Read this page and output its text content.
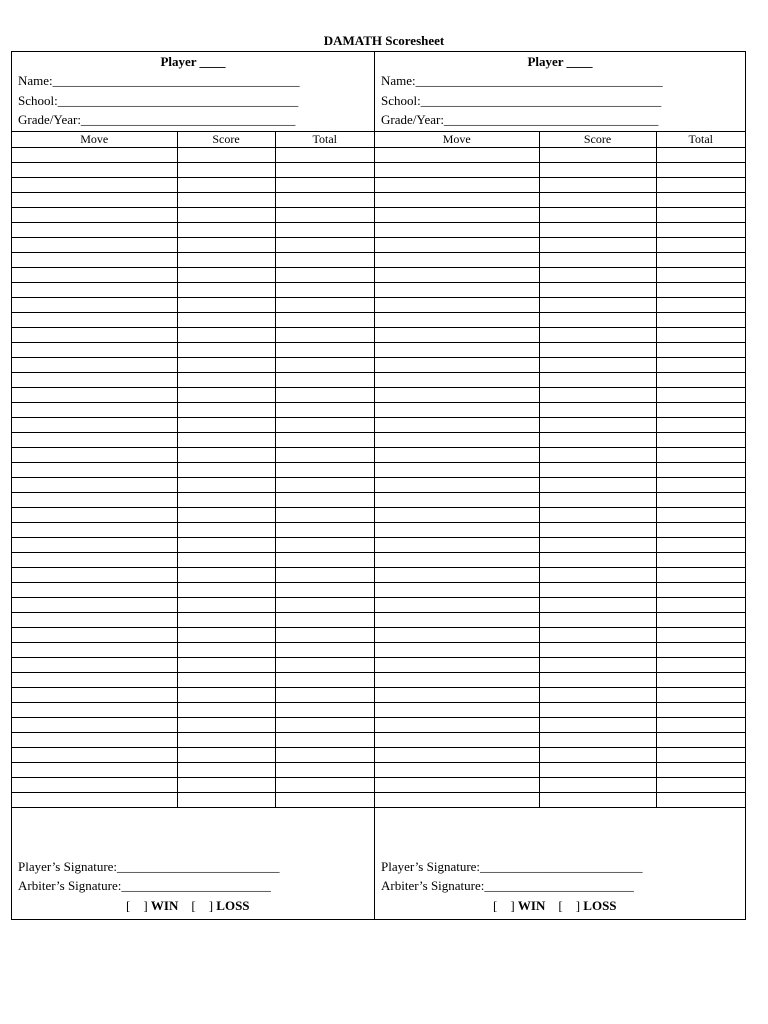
DAMATH Scoresheet
Player ____
Name:______________________________________
School:_____________________________________
Grade/Year:_________________________________
Move	Score	Total

Player’s Signature:_________________________
Arbiter’s Signature:_______________________
[    ] WIN [    ] LOSS
Player ____
Name:______________________________________
School:_____________________________________
Grade/Year:_________________________________
Move	Score	Total

Player’s Signature:_________________________
Arbiter’s Signature:_______________________
[    ] WIN [    ] LOSS
